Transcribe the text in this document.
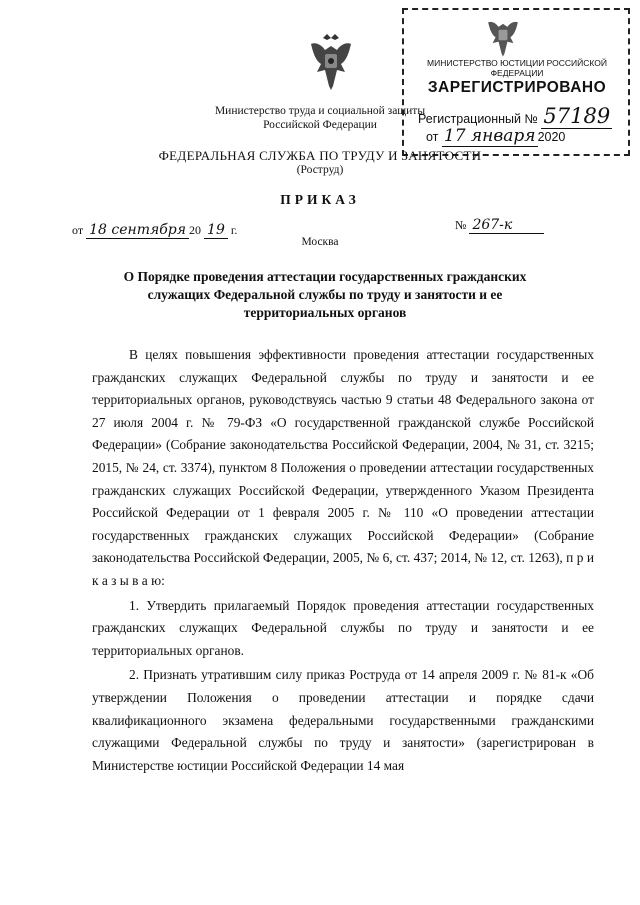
Министерство труда и социальной защиты
Российской Федерации
МИНИСТЕРСТВО ЮСТИЦИИ РОССИЙСКОЙ ФЕДЕРАЦИИ
ЗАРЕГИСТРИРОВАНО
Регистрационный № 57189
от 17 января 2020
ФЕДЕРАЛЬНАЯ СЛУЖБА ПО ТРУДУ И ЗАНЯТОСТИ
(Роструд)
ПРИКАЗ
от 18 сентября 20 19 г.	№ 267-к
Москва
О Порядке проведения аттестации государственных гражданских служащих Федеральной службы по труду и занятости и ее территориальных органов

В целях повышения эффективности проведения аттестации государственных гражданских служащих Федеральной службы по труду и занятости и ее территориальных органов, руководствуясь частью 9 статьи 48 Федерального закона от 27 июля 2004 г. № 79-ФЗ «О государственной гражданской службе Российской Федерации» (Собрание законодательства Российской Федерации, 2004, № 31, ст. 3215; 2015, № 24, ст. 3374), пунктом 8 Положения о проведении аттестации государственных гражданских служащих Российской Федерации, утвержденного Указом Президента Российской Федерации от 1 февраля 2005 г. № 110 «О проведении аттестации государственных гражданских служащих Российской Федерации» (Собрание законодательства Российской Федерации, 2005, № 6, ст. 437; 2014, № 12, ст. 1263), п р и к а з ы в а ю:

1. Утвердить прилагаемый Порядок проведения аттестации государственных гражданских служащих Федеральной службы по труду и занятости и ее территориальных органов.

2. Признать утратившим силу приказ Роструда от 14 апреля 2009 г. № 81-к «Об утверждении Положения о проведении аттестации и порядке сдачи квалификационного экзамена федеральными государственными гражданскими служащими Федеральной службы по труду и занятости» (зарегистрирован в Министерстве юстиции Российской Федерации 14 мая
